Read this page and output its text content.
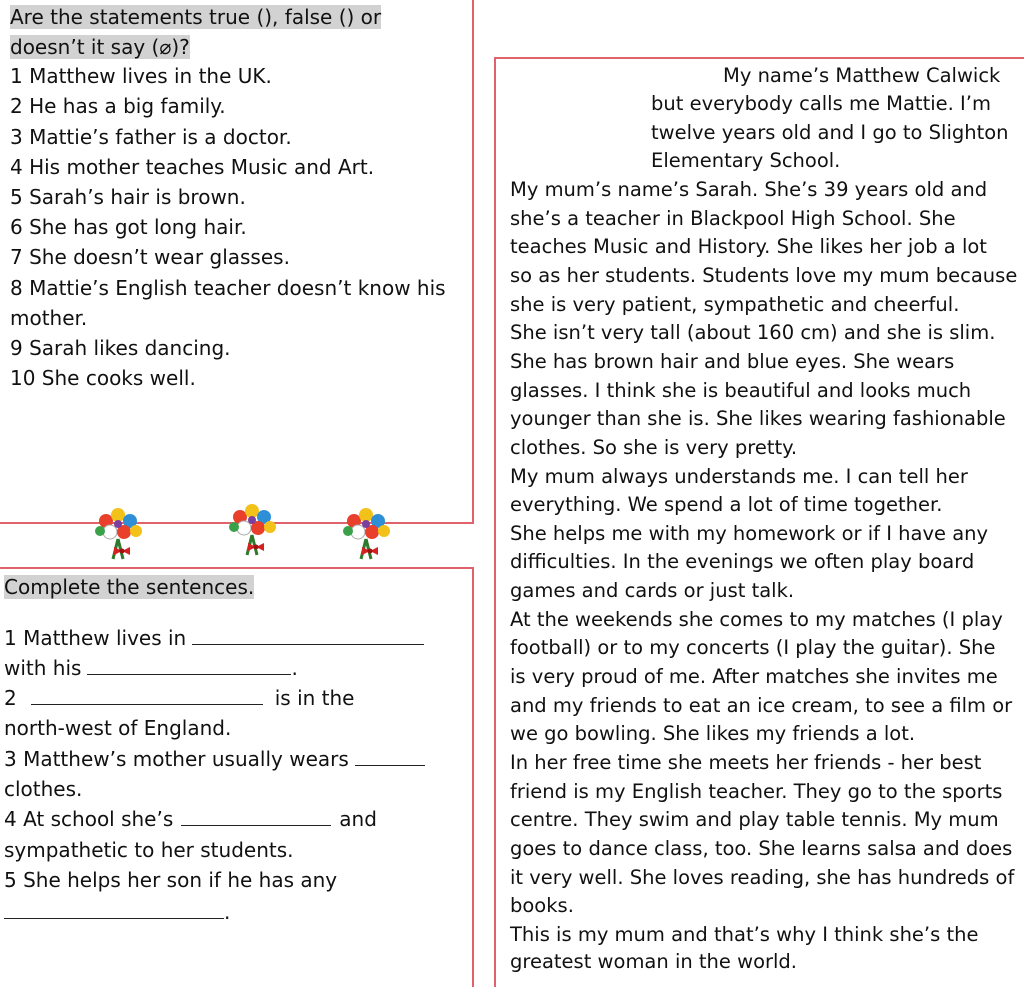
Are the statements true (), false () or
doesn’t it say (⌀)?
1 Matthew lives in the UK.
2 He has a big family.
3 Mattie’s father is a doctor.
4 His mother teaches Music and Art.
5 Sarah’s hair is brown.
6 She has got long hair.
7 She doesn’t wear glasses.
8 Mattie’s English teacher doesn’t know his
mother.
9 Sarah likes dancing.
10 She cooks well.
Complete the sentences.
1 Matthew lives in
with his	.
2	is in the
north-west of England.
3 Matthew’s mother usually wears
clothes.
4 At school she’s	and
sympathetic to her students.
5 She helps her son if he has any
.
My name’s Matthew Calwick
but everybody calls me Mattie. I’m
twelve years old and I go to Slighton
Elementary School.
My mum’s name’s Sarah. She’s 39 years old and
she’s a teacher in Blackpool High School. She
teaches Music and History. She likes her job a lot
so as her students. Students love my mum because
she is very patient, sympathetic and cheerful.
She isn’t very tall (about 160 cm) and she is slim.
She has brown hair and blue eyes. She wears
glasses. I think she is beautiful and looks much
younger than she is. She likes wearing fashionable
clothes. So she is very pretty.
My mum always understands me. I can tell her
everything. We spend a lot of time together.
She helps me with my homework or if I have any
difficulties. In the evenings we often play board
games and cards or just talk.
At the weekends she comes to my matches (I play
football) or to my concerts (I play the guitar). She
is very proud of me. After matches she invites me
and my friends to eat an ice cream, to see a film or
we go bowling. She likes my friends a lot.
In her free time she meets her friends - her best
friend is my English teacher. They go to the sports
centre. They swim and play table tennis. My mum
goes to dance class, too. She learns salsa and does
it very well. She loves reading, she has hundreds of
books.
This is my mum and that’s why I think she’s the
greatest woman in the world.
